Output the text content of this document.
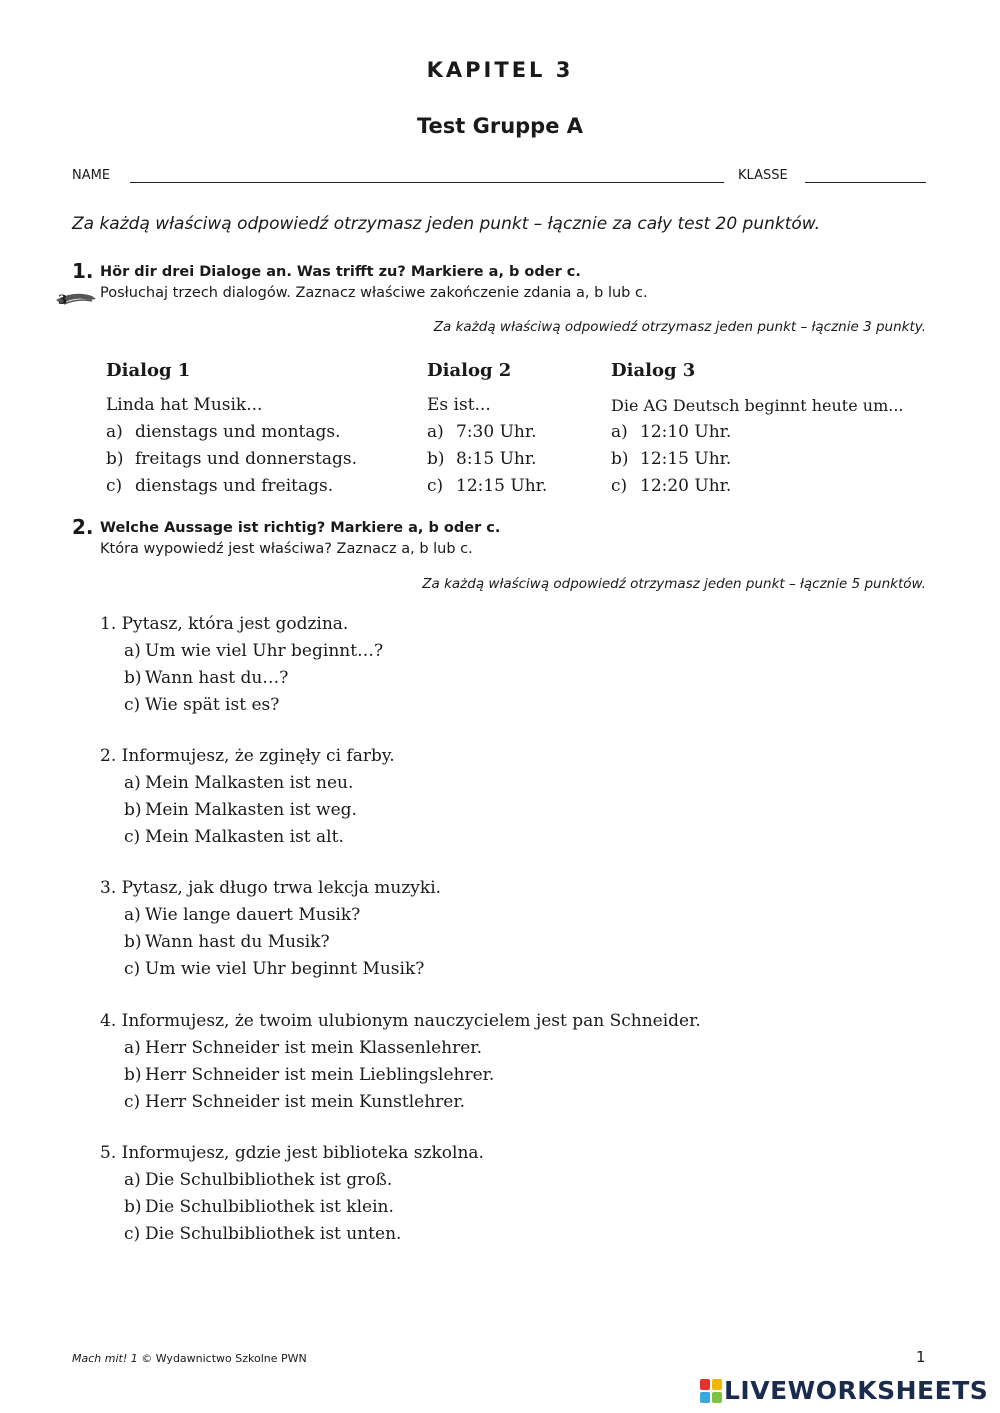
KAPITEL 3
Test Gruppe A
NAME	KLASSE
Za każdą właściwą odpowiedź otrzymasz jeden punkt – łącznie za cały test 20 punktów.
1. Hör dir drei Dialoge an. Was trifft zu? Markiere a, b oder c.
Posłuchaj trzech dialogów. Zaznacz właściwe zakończenie zdania a, b lub c.
3
Za każdą właściwą odpowiedź otrzymasz jeden punkt – łącznie 3 punkty.
Dialog 1
Linda hat Musik...
a) dienstags und montags.
b) freitags und donnerstags.
c) dienstags und freitags.
Dialog 2
Es ist...
a) 7:30 Uhr.
b) 8:15 Uhr.
c) 12:15 Uhr.
Dialog 3
Die AG Deutsch beginnt heute um...
a) 12:10 Uhr.
b) 12:15 Uhr.
c) 12:20 Uhr.
2. Welche Aussage ist richtig? Markiere a, b oder c.
Która wypowiedź jest właściwa? Zaznacz a, b lub c.
Za każdą właściwą odpowiedź otrzymasz jeden punkt – łącznie 5 punktów.
1. Pytasz, która jest godzina.
a) Um wie viel Uhr beginnt…?
b) Wann hast du…?
c) Wie spät ist es?
2. Informujesz, że zginęły ci farby.
a) Mein Malkasten ist neu.
b) Mein Malkasten ist weg.
c) Mein Malkasten ist alt.
3. Pytasz, jak długo trwa lekcja muzyki.
a) Wie lange dauert Musik?
b) Wann hast du Musik?
c) Um wie viel Uhr beginnt Musik?
4. Informujesz, że twoim ulubionym nauczycielem jest pan Schneider.
a) Herr Schneider ist mein Klassenlehrer.
b) Herr Schneider ist mein Lieblingslehrer.
c) Herr Schneider ist mein Kunstlehrer.
5. Informujesz, gdzie jest biblioteka szkolna.
a) Die Schulbibliothek ist groß.
b) Die Schulbibliothek ist klein.
c) Die Schulbibliothek ist unten.
Mach mit! 1 © Wydawnictwo Szkolne PWN	1
LIVEWORKSHEETS
